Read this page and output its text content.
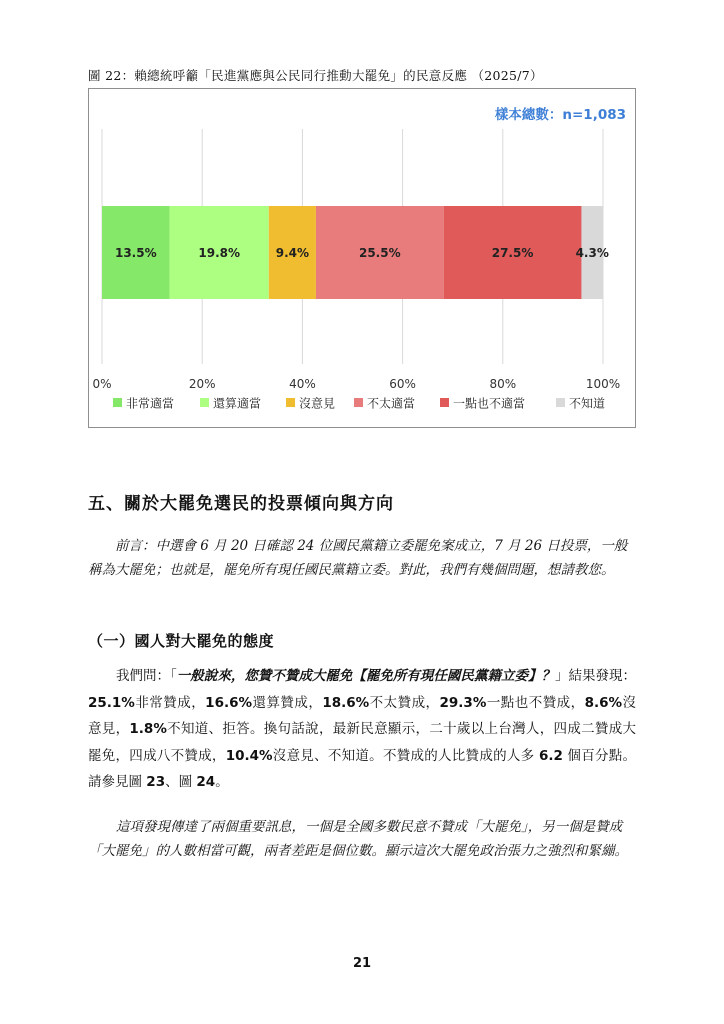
圖 22：賴總統呼籲「民進黨應與公民同行推動大罷免」的民意反應 （2025/7）
13.5%	19.8%	9.4%	25.5%	27.5%	4.3%
0%	20%	40%	60%	80%	100%
非常適當	還算適當	沒意見	不太適當	一點也不適當	不知道
樣本總數：n=1,083
五、關於大罷免選民的投票傾向與方向

前言：中選會 6 月 20 日確認 24 位國民黨籍立委罷免案成立，7 月 26 日投票，一般稱為大罷免；也就是，罷免所有現任國民黨籍立委。對此，我們有幾個問題，想請教您。

（一）國人對大罷免的態度

我們問：「一般說來，您贊不贊成大罷免【罷免所有現任國民黨籍立委】？」結果發現：25.1%非常贊成，16.6%還算贊成，18.6%不太贊成，29.3%一點也不贊成，8.6%沒意見，1.8%不知道、拒答。換句話說，最新民意顯示，二十歲以上台灣人，四成二贊成大罷免，四成八不贊成，10.4%沒意見、不知道。不贊成的人比贊成的人多 6.2 個百分點。請參見圖 23、圖 24。

這項發現傳達了兩個重要訊息，一個是全國多數民意不贊成「大罷免」，另一個是贊成「大罷免」的人數相當可觀，兩者差距是個位數。顯示這次大罷免政治張力之強烈和緊繃。

21
